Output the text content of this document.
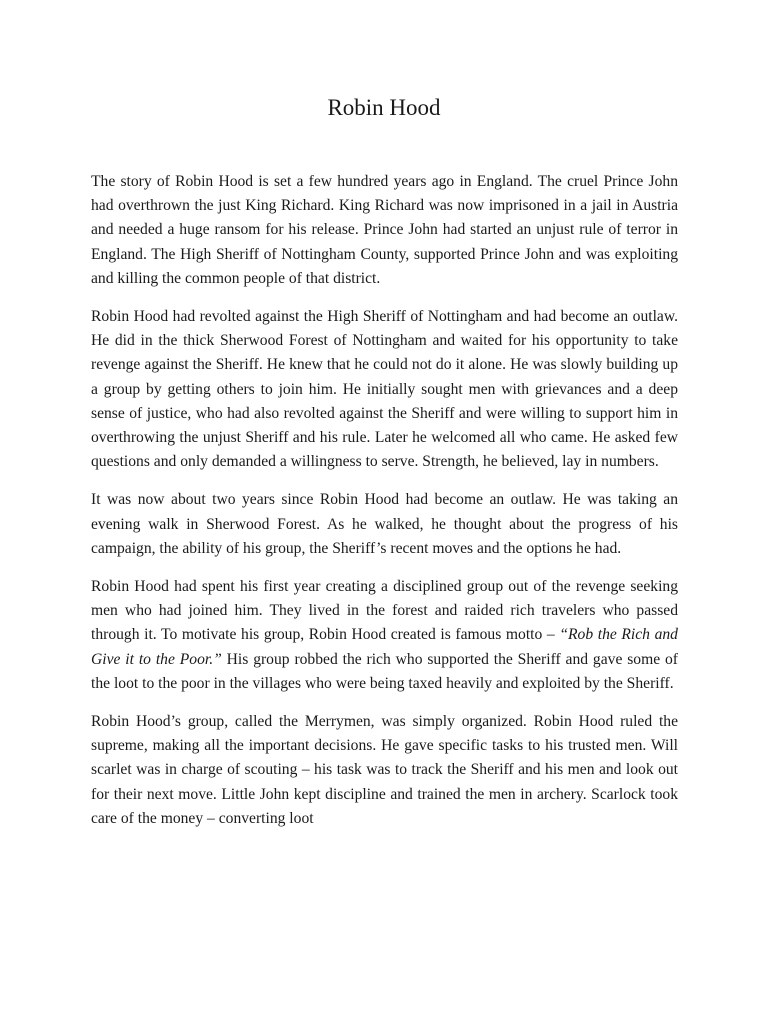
Robin Hood

The story of Robin Hood is set a few hundred years ago in England. The cruel Prince John had overthrown the just King Richard. King Richard was now imprisoned in a jail in Austria and needed a huge ransom for his release. Prince John had started an unjust rule of terror in England. The High Sheriff of Nottingham County, supported Prince John and was exploiting and killing the common people of that district.

Robin Hood had revolted against the High Sheriff of Nottingham and had become an outlaw. He did in the thick Sherwood Forest of Nottingham and waited for his opportunity to take revenge against the Sheriff. He knew that he could not do it alone. He was slowly building up a group by getting others to join him. He initially sought men with grievances and a deep sense of justice, who had also revolted against the Sheriff and were willing to support him in overthrowing the unjust Sheriff and his rule. Later he welcomed all who came. He asked few questions and only demanded a willingness to serve. Strength, he believed, lay in numbers.

It was now about two years since Robin Hood had become an outlaw. He was taking an evening walk in Sherwood Forest. As he walked, he thought about the progress of his campaign, the ability of his group, the Sheriff’s recent moves and the options he had.

Robin Hood had spent his first year creating a disciplined group out of the revenge seeking men who had joined him. They lived in the forest and raided rich travelers who passed through it. To motivate his group, Robin Hood created is famous motto – “Rob the Rich and Give it to the Poor.” His group robbed the rich who supported the Sheriff and gave some of the loot to the poor in the villages who were being taxed heavily and exploited by the Sheriff.

Robin Hood’s group, called the Merrymen, was simply organized. Robin Hood ruled the supreme, making all the important decisions. He gave specific tasks to his trusted men. Will scarlet was in charge of scouting – his task was to track the Sheriff and his men and look out for their next move. Little John kept discipline and trained the men in archery. Scarlock took care of the money – converting loot
